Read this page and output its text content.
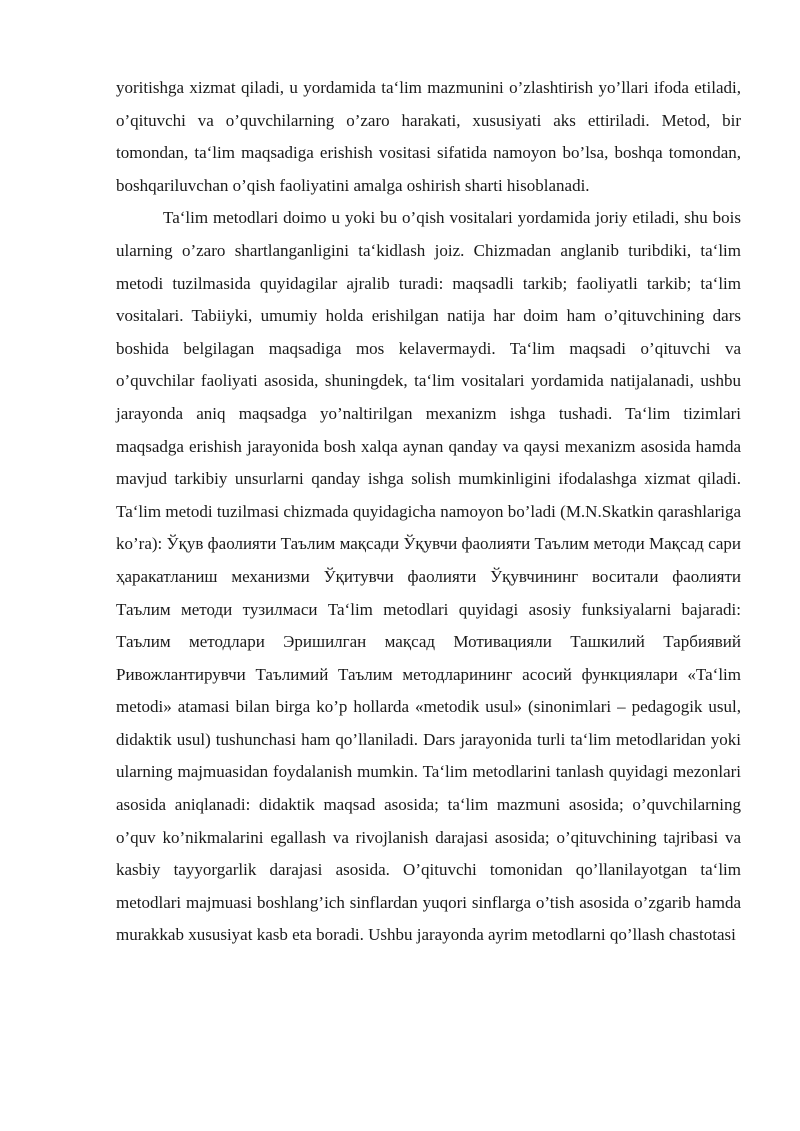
yoritishga xizmat qiladi, u yordamida ta‘lim mazmunini o’zlashtirish yo’llari ifoda etiladi, o’qituvchi va o’quvchilarning o’zaro harakati, xususiyati aks ettiriladi. Metod, bir tomondan, ta‘lim maqsadiga erishish vositasi sifatida namoyon bo’lsa, boshqa tomondan, boshqariluvchan o’qish faoliyatini amalga oshirish sharti hisoblanadi.

Ta‘lim metodlari doimo u yoki bu o’qish vositalari yordamida joriy etiladi, shu bois ularning o’zaro shartlanganligini ta‘kidlash joiz. Chizmadan anglanib turibdiki, ta‘lim metodi tuzilmasida quyidagilar ajralib turadi: maqsadli tarkib; faoliyatli tarkib; ta‘lim vositalari. Tabiiyki, umumiy holda erishilgan natija har doim ham o’qituvchining dars boshida belgilagan maqsadiga mos kelavermaydi. Ta‘lim maqsadi o’qituvchi va o’quvchilar faoliyati asosida, shuningdek, ta‘lim vositalari yordamida natijalanadi, ushbu jarayonda aniq maqsadga yo’naltirilgan mexanizm ishga tushadi. Ta‘lim tizimlari maqsadga erishish jarayonida bosh xalqa aynan qanday va qaysi mexanizm asosida hamda mavjud tarkibiy unsurlarni qanday ishga solish mumkinligini ifodalashga xizmat qiladi. Ta‘lim metodi tuzilmasi chizmada quyidagicha namoyon bo’ladi (M.N.Skatkin qarashlariga ko’ra): Ўқув фаолияти Таълим мақсади Ўқувчи фаолияти Таълим методи Мақсад сари ҳаракатланиш механизми Ўқитувчи фаолияти Ўқувчининг воситали фаолияти Таълим методи тузилмаси Ta‘lim metodlari quyidagi asosiy funksiyalarni bajaradi: Таълим методлари Эришилган мақсад Мотивацияли Ташкилий Тарбиявий Ривожлантирувчи Таълимий Таълим методларининг асосий функциялари «Ta‘lim metodi» atamasi bilan birga ko’p hollarda «metodik usul» (sinonimlari – pedagogik usul, didaktik usul) tushunchasi ham qo’llaniladi. Dars jarayonida turli ta‘lim metodlaridan yoki ularning majmuasidan foydalanish mumkin. Ta‘lim metodlarini tanlash quyidagi mezonlari asosida aniqlanadi: didaktik maqsad asosida; ta‘lim mazmuni asosida; o’quvchilarning o’quv ko’nikmalarini egallash va rivojlanish darajasi asosida; o’qituvchining tajribasi va kasbiy tayyorgarlik darajasi asosida. O’qituvchi tomonidan qo’llanilayotgan ta‘lim metodlari majmuasi boshlang’ich sinflardan yuqori sinflarga o’tish asosida o’zgarib hamda murakkab xususiyat kasb eta boradi. Ushbu jarayonda ayrim metodlarni qo’llash chastotasi
